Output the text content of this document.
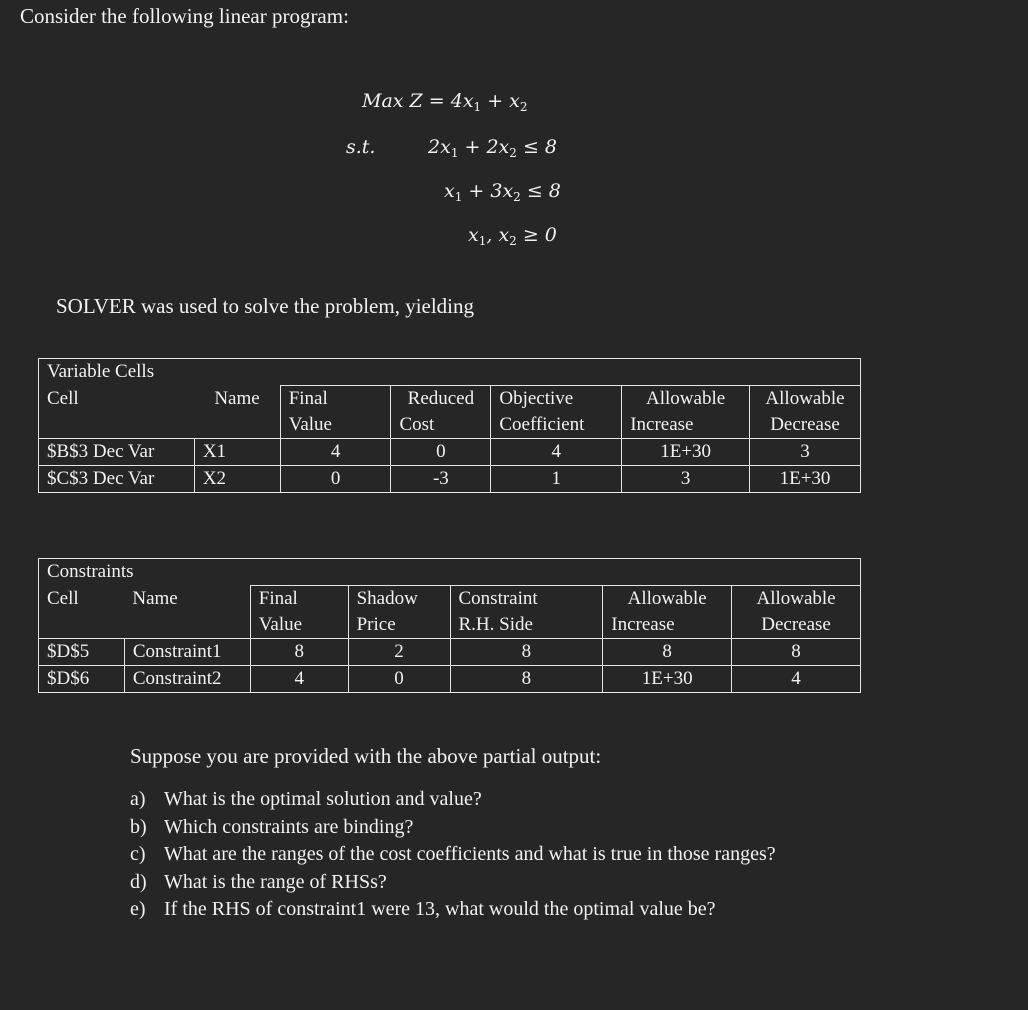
Consider the following linear program:
Max $Z = 4x_1 + x_2$
s.t.	$2x_1 + 2x_2 \le 8$
$x_1 + 3x_2 \le 8$
$x_1$, $x_2 \ge 0$
SOLVER was used to solve the problem, yielding
Variable Cells						
Cell	Name	Final	Reduced	Objective	Allowable	Allowable
		Value	Cost	Coefficient	Increase	Decrease
$B$3 Dec Var	X1	4	0	4	1E+30	3
$C$3 Dec Var	X2	0	-3	1	3	1E+30
Constraints						
Cell	Name	Final	Shadow	Constraint	Allowable	Allowable
		Value	Price	R.H. Side	Increase	Decrease
$D$5	Constraint1	8	2	8	8	8
$D$6	Constraint2	4	0	8	1E+30	4
Suppose you are provided with the above partial output:
a) What is the optimal solution and value?
b) Which constraints are binding?
c) What are the ranges of the cost coefficients and what is true in those ranges?
d) What is the range of RHSs?
e) If the RHS of constraint1 were 13, what would the optimal value be?
